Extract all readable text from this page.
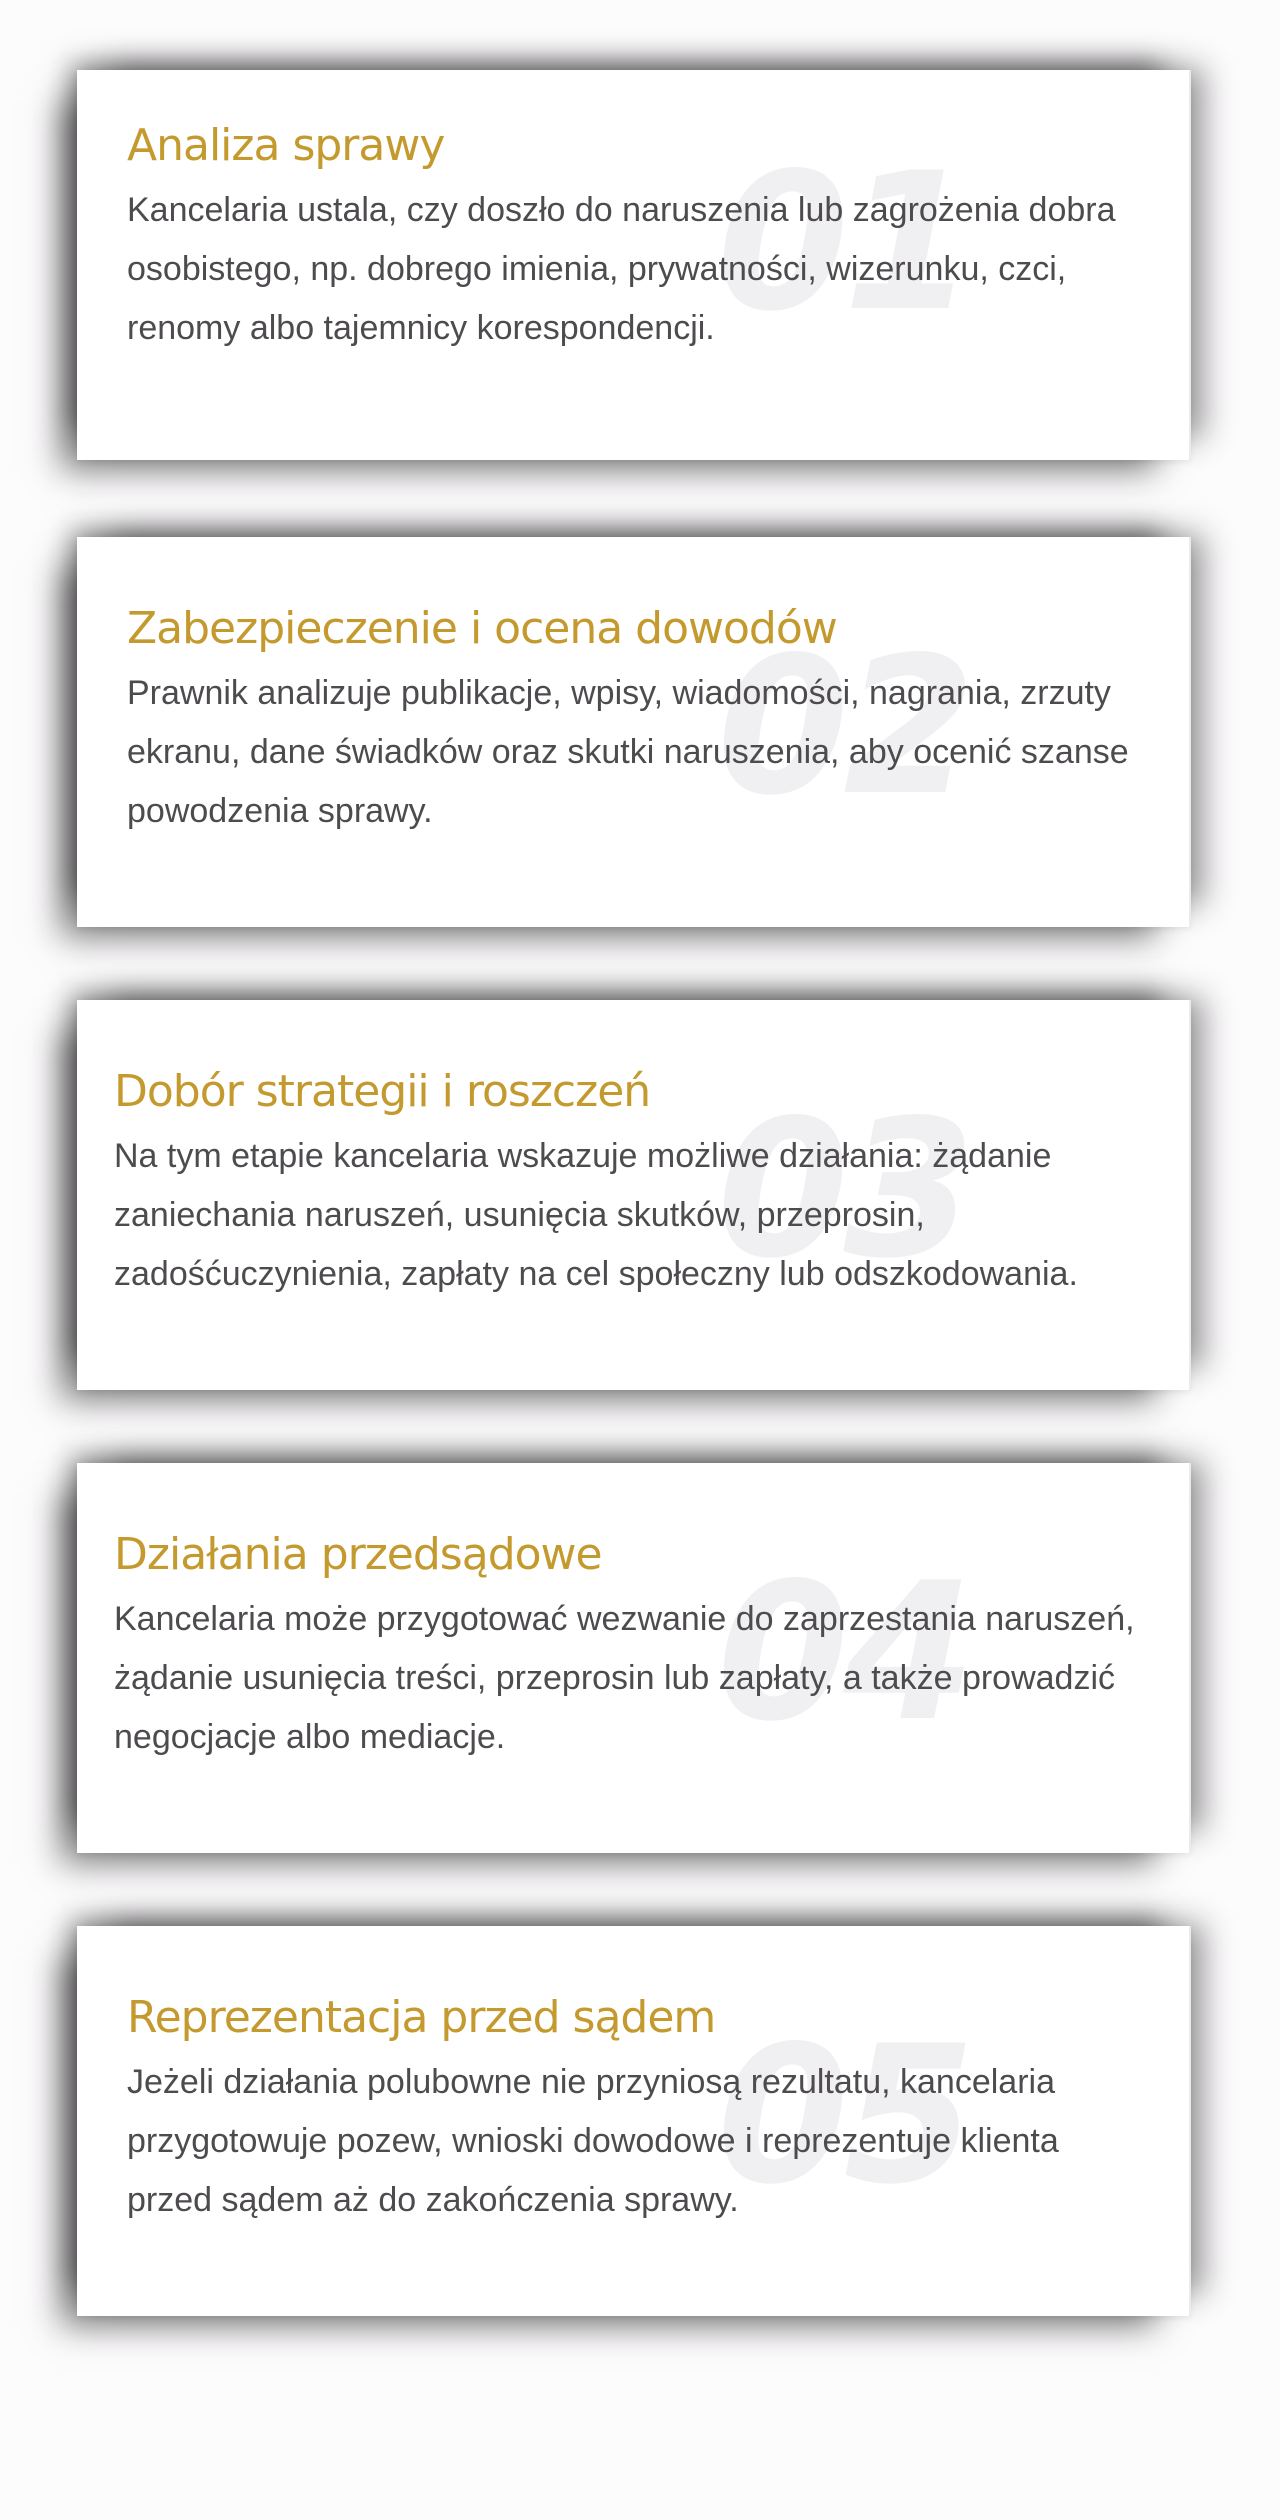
01
Analiza sprawy

Kancelaria ustala, czy doszło do naruszenia lub zagrożenia dobra osobistego, np. dobrego imienia, prywatności, wizerunku, czci, renomy albo tajemnicy korespondencji.

02
Zabezpieczenie i ocena dowodów

Prawnik analizuje publikacje, wpisy, wiadomości, nagrania, zrzuty ekranu, dane świadków oraz skutki naruszenia, aby ocenić szanse powodzenia sprawy.

03
Dobór strategii i roszczeń

Na tym etapie kancelaria wskazuje możliwe działania: żądanie zaniechania naruszeń, usunięcia skutków, przeprosin, zadośćuczynienia, zapłaty na cel społeczny lub odszkodowania.

04
Działania przedsądowe

Kancelaria może przygotować wezwanie do zaprzestania naruszeń, żądanie usunięcia treści, przeprosin lub zapłaty, a także prowadzić negocjacje albo mediacje.

05
Reprezentacja przed sądem

Jeżeli działania polubowne nie przyniosą rezultatu, kancelaria przygotowuje pozew, wnioski dowodowe i reprezentuje klienta przed sądem aż do zakończenia sprawy.
